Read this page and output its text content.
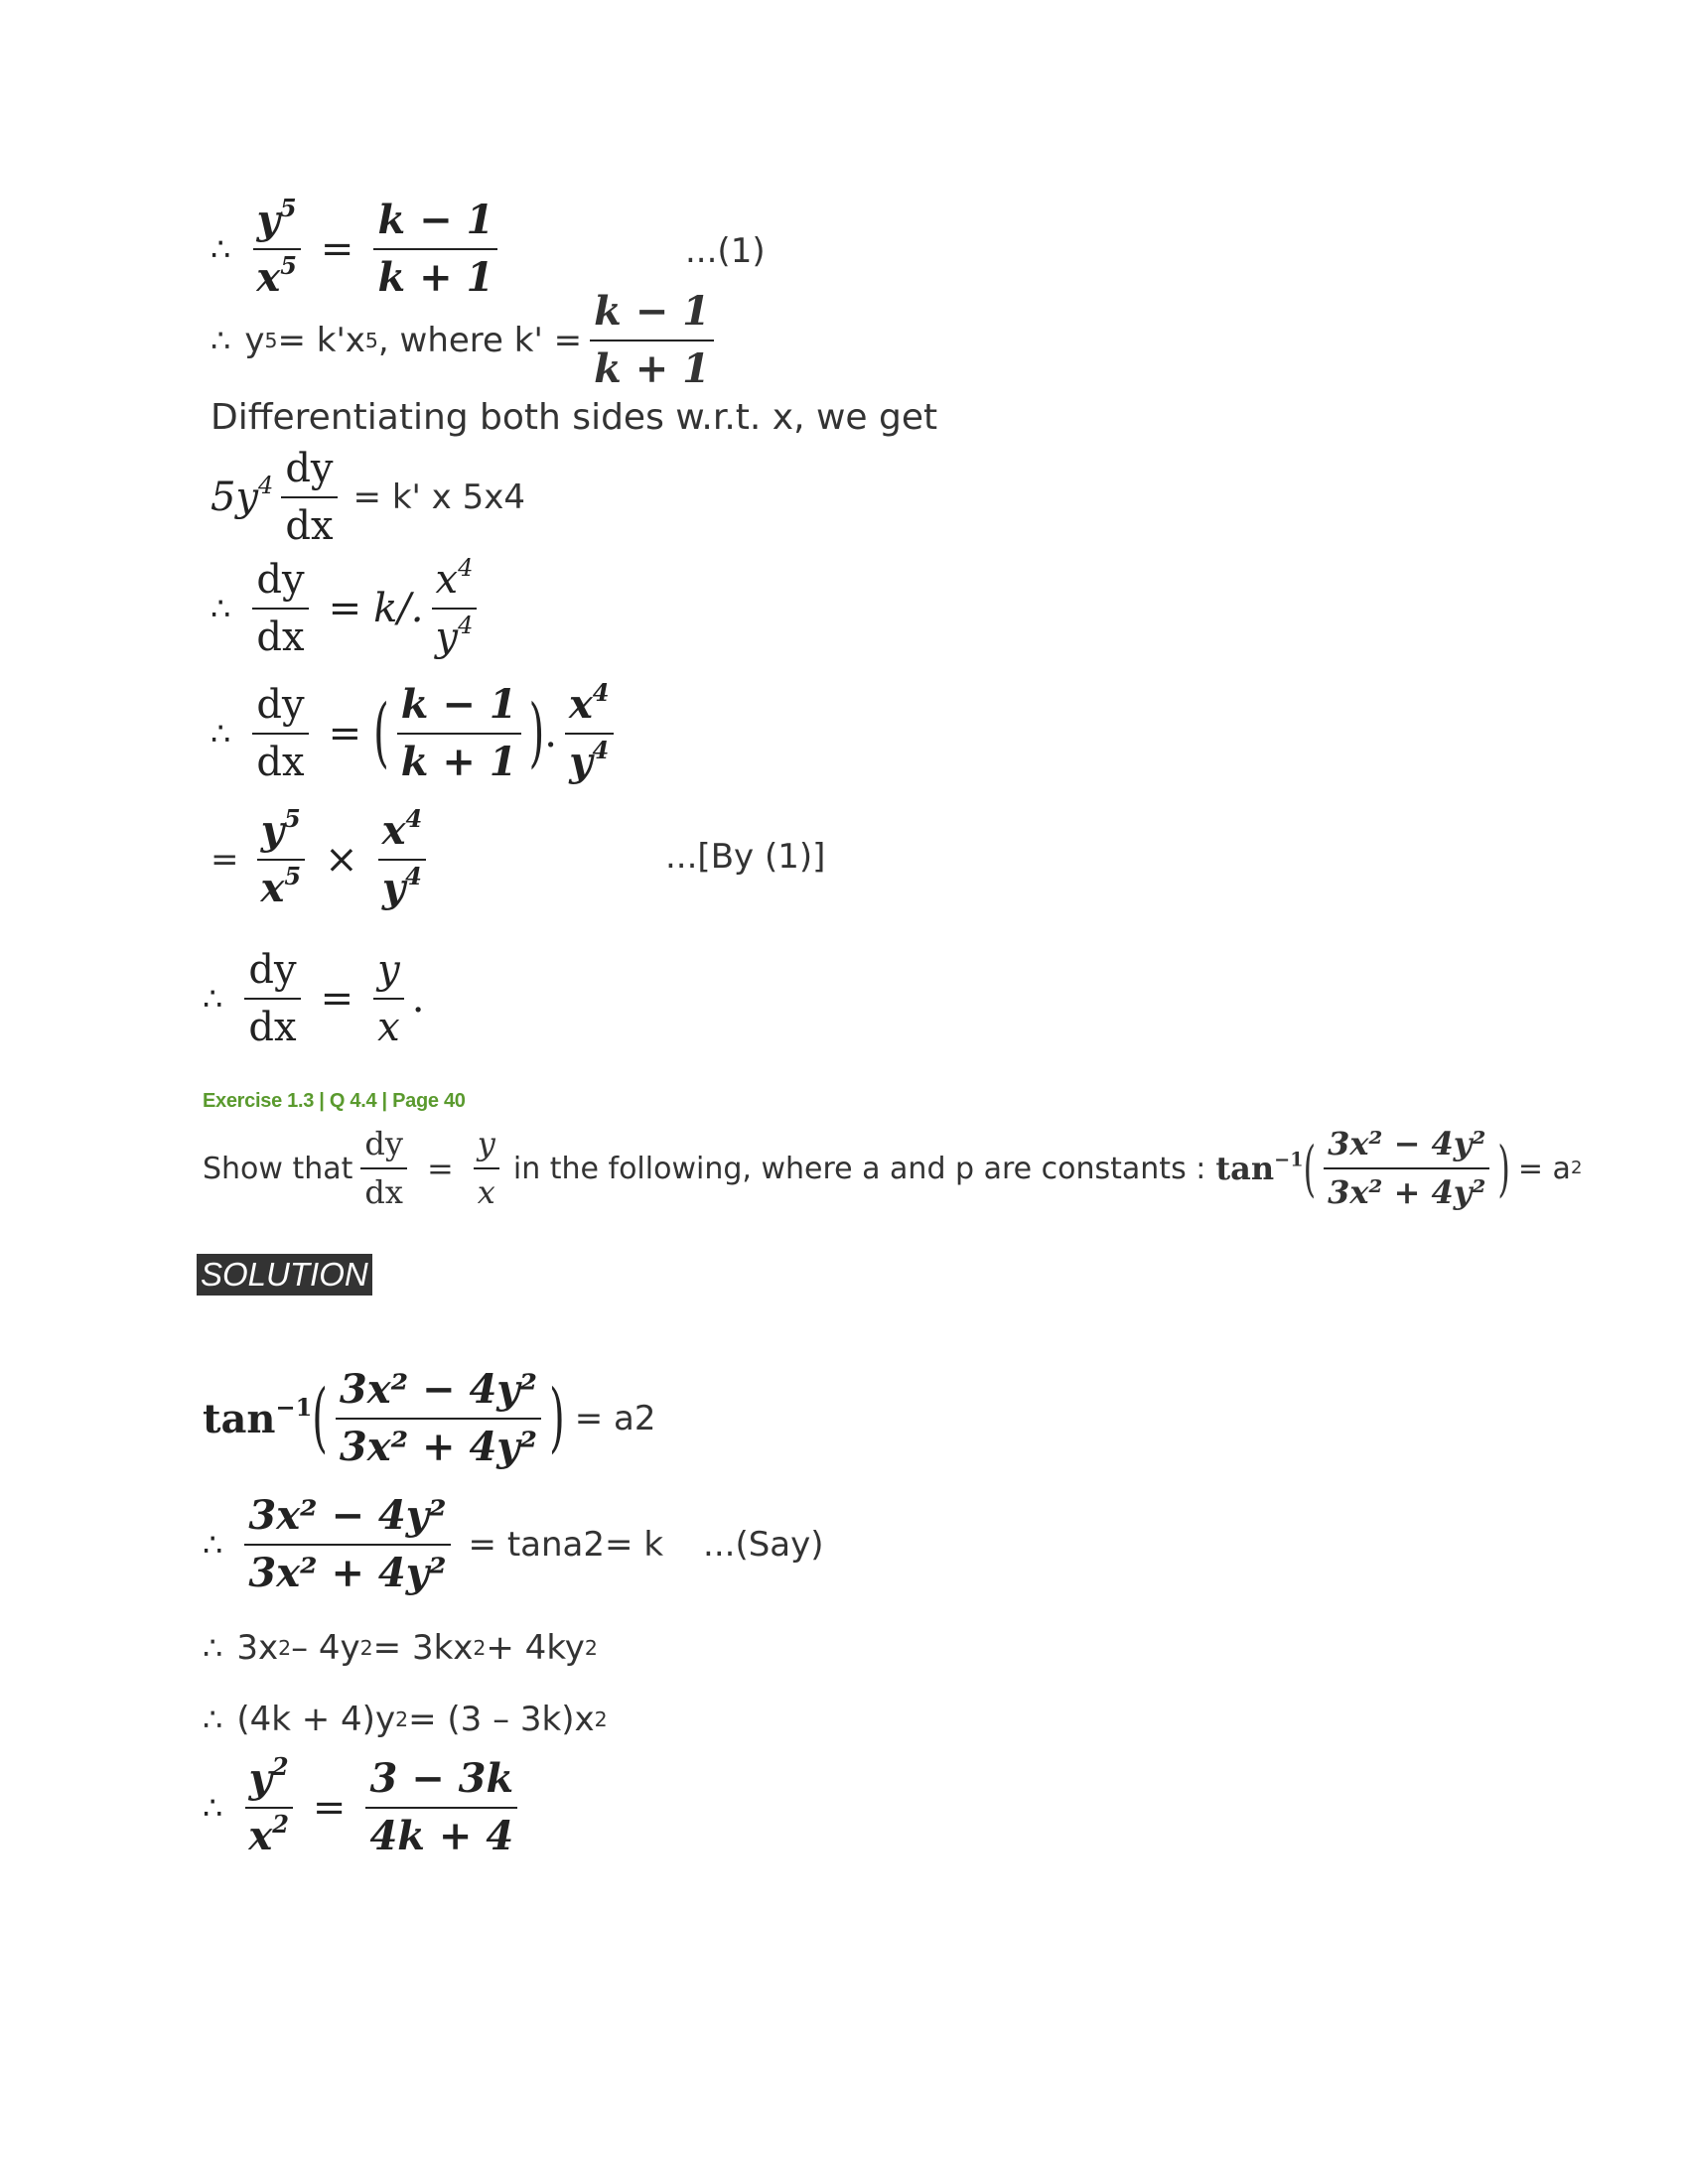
∴ $\frac{y^5}{x^5} = \frac{k - 1}{k + 1}$	...(1)
∴ y 5 = k'x 5 , where $k' = \frac{k - 1}{k + 1}$
Differentiating both sides w.r.t. x, we get
$5y^4 \frac{dy}{dx} = k'$ x 5x4
∴ $\frac{dy}{dx} = k/$. $\frac{x^4}{y^4}$
∴ $\frac{dy}{dx}$ = ( $\frac{k - 1}{k + 1}$ ) . $\frac{x^4}{y^4}$
= $\frac{y^5}{x^5} \times \frac{x^4}{y^4}$	...[By (1)]
∴ $\frac{dy}{dx} = \frac{y}{x}$ .
Exercise 1.3 | Q 4.4 | Page 40
Show that $\frac{dy}{dx} = \frac{y}{x}$ in the following, where a and p are constants : $\tan^{-1}$ ( $\frac{\text{3x² − 4y²}}{\text{3x² + 4y²}}$ ) = a 2
SOLUTION
$\tan^{-1}$ ( $\frac{\text{3x² − 4y²}}{\text{3x² + 4y²}}$ ) = a 2
∴ $\frac{\text{3x² − 4y²}}{\text{3x² + 4y²}} = \tan a$ 2 = k ...(Say)
∴ 3x 2 – 4y 2 = 3kx 2 + 4ky 2
∴ (4k + 4)y 2 = (3 – 3k)x 2
∴ $\frac{y^2}{x^2} = \frac{3 - 3k}{4k + 4}$
